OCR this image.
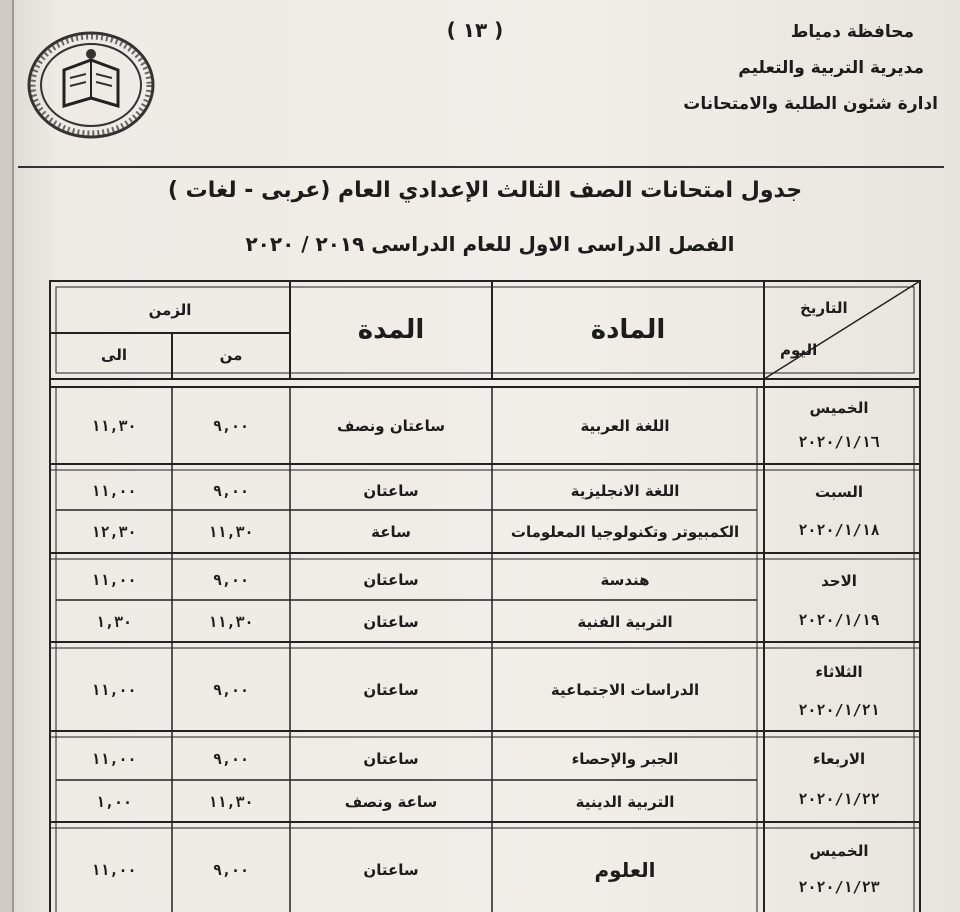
( ١٣ )	محافظة دمياط
مديرية التربية والتعليم
ادارة شئون الطلبة والامتحانات
جدول امتحانات الصف الثالث الإعدادي العام (عربى - لغات )
الفصل الدراسى الاول للعام الدراسى ٢٠١٩ / ٢٠٢٠
التاريخ
اليوم
المادة
المدة
الزمن
من
الى
الخميس
٢٠٢٠/١/١٦
اللغة العربية
ساعتان ونصف
٩,٠٠
١١,٣٠
السبت
٢٠٢٠/١/١٨
اللغة الانجليزية
ساعتان
٩,٠٠
١١,٠٠
الكمبيوتر وتكنولوجيا المعلومات
ساعة
١١,٣٠
١٢,٣٠
الاحد
٢٠٢٠/١/١٩
هندسة
ساعتان
٩,٠٠
١١,٠٠
التربية الفنية
ساعتان
١١,٣٠
١,٣٠
الثلاثاء
٢٠٢٠/١/٢١
الدراسات الاجتماعية
ساعتان
٩,٠٠
١١,٠٠
الاربعاء
٢٠٢٠/١/٢٢
الجبر والإحصاء
ساعتان
٩,٠٠
١١,٠٠
التربية الدينية
ساعة ونصف
١١,٣٠
١,٠٠
الخميس
٢٠٢٠/١/٢٣
العلوم
ساعتان
٩,٠٠
١١,٠٠
